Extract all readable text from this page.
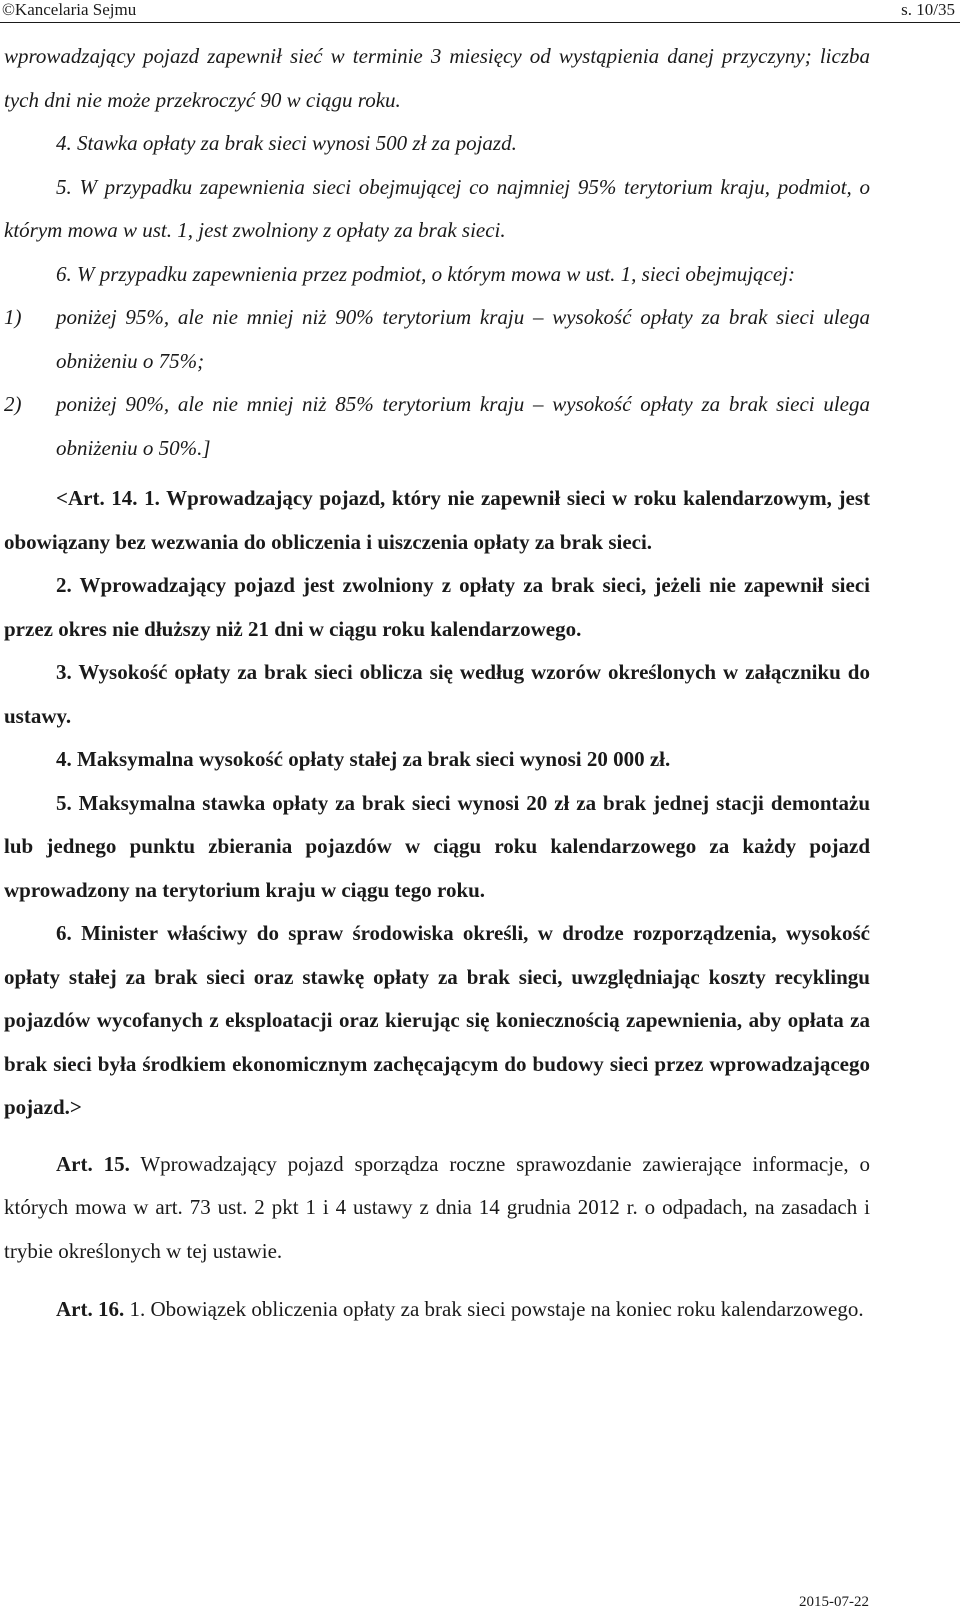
©Kancelaria Sejmu	s. 10/35

wprowadzający pojazd zapewnił sieć w terminie 3 miesięcy od wystąpienia danej przyczyny; liczba tych dni nie może przekroczyć 90 w ciągu roku.

4. Stawka opłaty za brak sieci wynosi 500 zł za pojazd.

5. W przypadku zapewnienia sieci obejmującej co najmniej 95% terytorium kraju, podmiot, o którym mowa w ust. 1, jest zwolniony z opłaty za brak sieci.

6. W przypadku zapewnienia przez podmiot, o którym mowa w ust. 1, sieci obejmującej:

1) poniżej 95%, ale nie mniej niż 90% terytorium kraju – wysokość opłaty za brak sieci ulega obniżeniu o 75%;

2) poniżej 90%, ale nie mniej niż 85% terytorium kraju – wysokość opłaty za brak sieci ulega obniżeniu o 50%.]

<Art. 14. 1. Wprowadzający pojazd, który nie zapewnił sieci w roku kalendarzowym, jest obowiązany bez wezwania do obliczenia i uiszczenia opłaty za brak sieci.

2. Wprowadzający pojazd jest zwolniony z opłaty za brak sieci, jeżeli nie zapewnił sieci przez okres nie dłuższy niż 21 dni w ciągu roku kalendarzowego.

3. Wysokość opłaty za brak sieci oblicza się według wzorów określonych w załączniku do ustawy.

4. Maksymalna wysokość opłaty stałej za brak sieci wynosi 20 000 zł.

5. Maksymalna stawka opłaty za brak sieci wynosi 20 zł za brak jednej stacji demontażu lub jednego punktu zbierania pojazdów w ciągu roku kalendarzowego za każdy pojazd wprowadzony na terytorium kraju w ciągu tego roku.

6. Minister właściwy do spraw środowiska określi, w drodze rozporządzenia, wysokość opłaty stałej za brak sieci oraz stawkę opłaty za brak sieci, uwzględniając koszty recyklingu pojazdów wycofanych z eksploatacji oraz kierując się koniecznością zapewnienia, aby opłata za brak sieci była środkiem ekonomicznym zachęcającym do budowy sieci przez wprowadzającego pojazd.>

Art. 15. Wprowadzający pojazd sporządza roczne sprawozdanie zawierające informacje, o których mowa w art. 73 ust. 2 pkt 1 i 4 ustawy z dnia 14 grudnia 2012 r. o odpadach, na zasadach i trybie określonych w tej ustawie.

Art. 16. 1. Obowiązek obliczenia opłaty za brak sieci powstaje na koniec roku kalendarzowego.

2015-07-22
